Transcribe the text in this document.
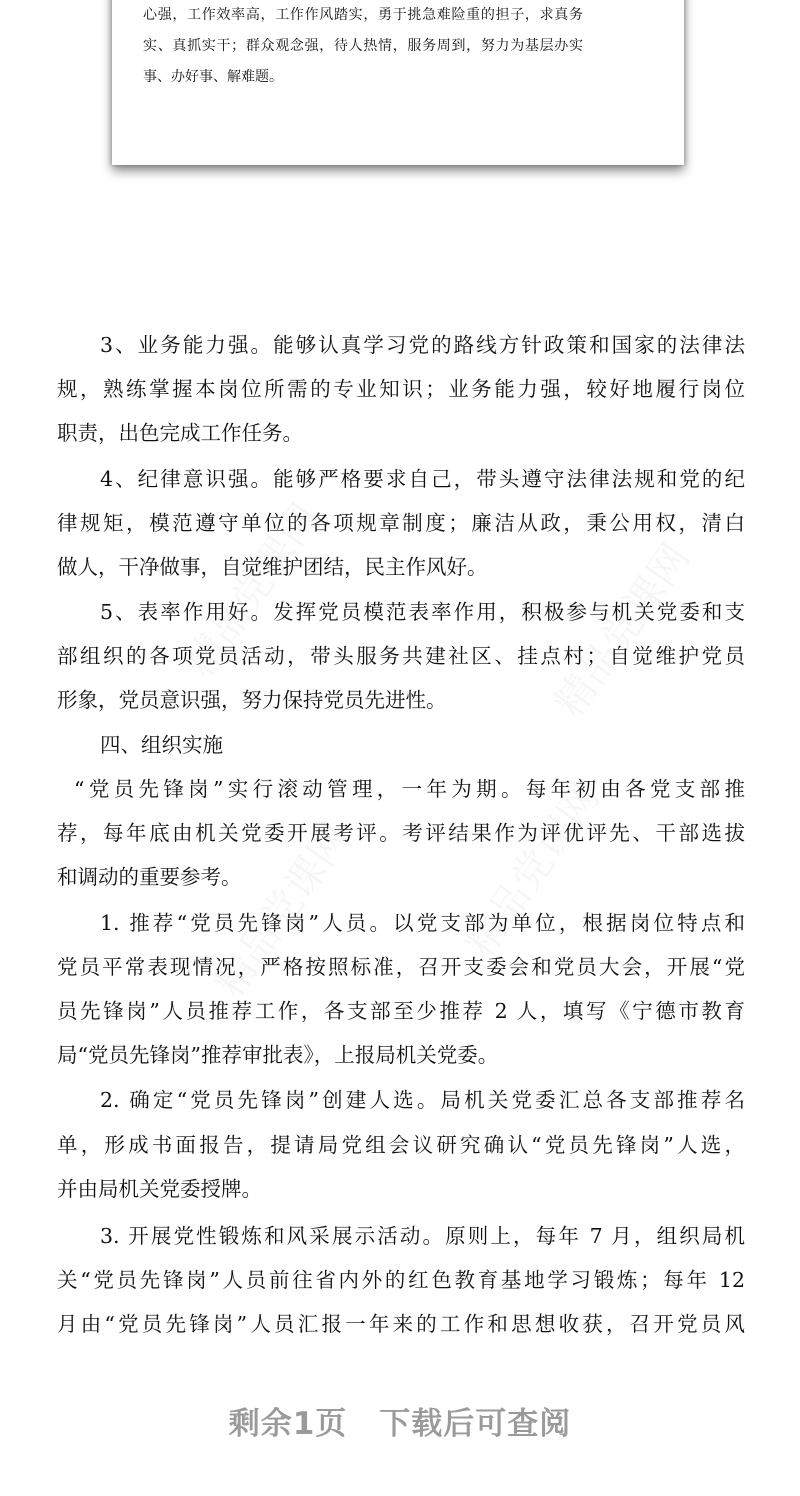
心强，工作效率高，工作作风踏实，勇于挑急难险重的担子，求真务
实、真抓实干；群众观念强，待人热情，服务周到，努力为基层办实
事、办好事、解难题。
3、业务能力强。能够认真学习党的路线方针政策和国家的法律法
规，熟练掌握本岗位所需的专业知识；业务能力强，较好地履行岗位
职责，出色完成工作任务。
4、纪律意识强。能够严格要求自己，带头遵守法律法规和党的纪
律规矩，模范遵守单位的各项规章制度；廉洁从政，秉公用权，清白
做人，干净做事，自觉维护团结，民主作风好。
5、表率作用好。发挥党员模范表率作用，积极参与机关党委和支
部组织的各项党员活动，带头服务共建社区、挂点村；自觉维护党员
形象，党员意识强，努力保持党员先进性。
四、组织实施
“党员先锋岗”实行滚动管理，一年为期。每年初由各党支部推
荐，每年底由机关党委开展考评。考评结果作为评优评先、干部选拔
和调动的重要参考。
1. 推荐“党员先锋岗”人员。以党支部为单位，根据岗位特点和
党员平常表现情况，严格按照标准，召开支委会和党员大会，开展“党
员先锋岗”人员推荐工作，各支部至少推荐 2 人，填写《宁德市教育
局“党员先锋岗”推荐审批表》，上报局机关党委。
2. 确定“党员先锋岗”创建人选。局机关党委汇总各支部推荐名
单，形成书面报告，提请局党组会议研究确认“党员先锋岗”人选，
并由局机关党委授牌。
3. 开展党性锻炼和风采展示活动。原则上，每年 7 月，组织局机
关“党员先锋岗”人员前往省内外的红色教育基地学习锻炼；每年 12
月由“党员先锋岗”人员汇报一年来的工作和思想收获，召开党员风
剩余1页 下载后可查阅
